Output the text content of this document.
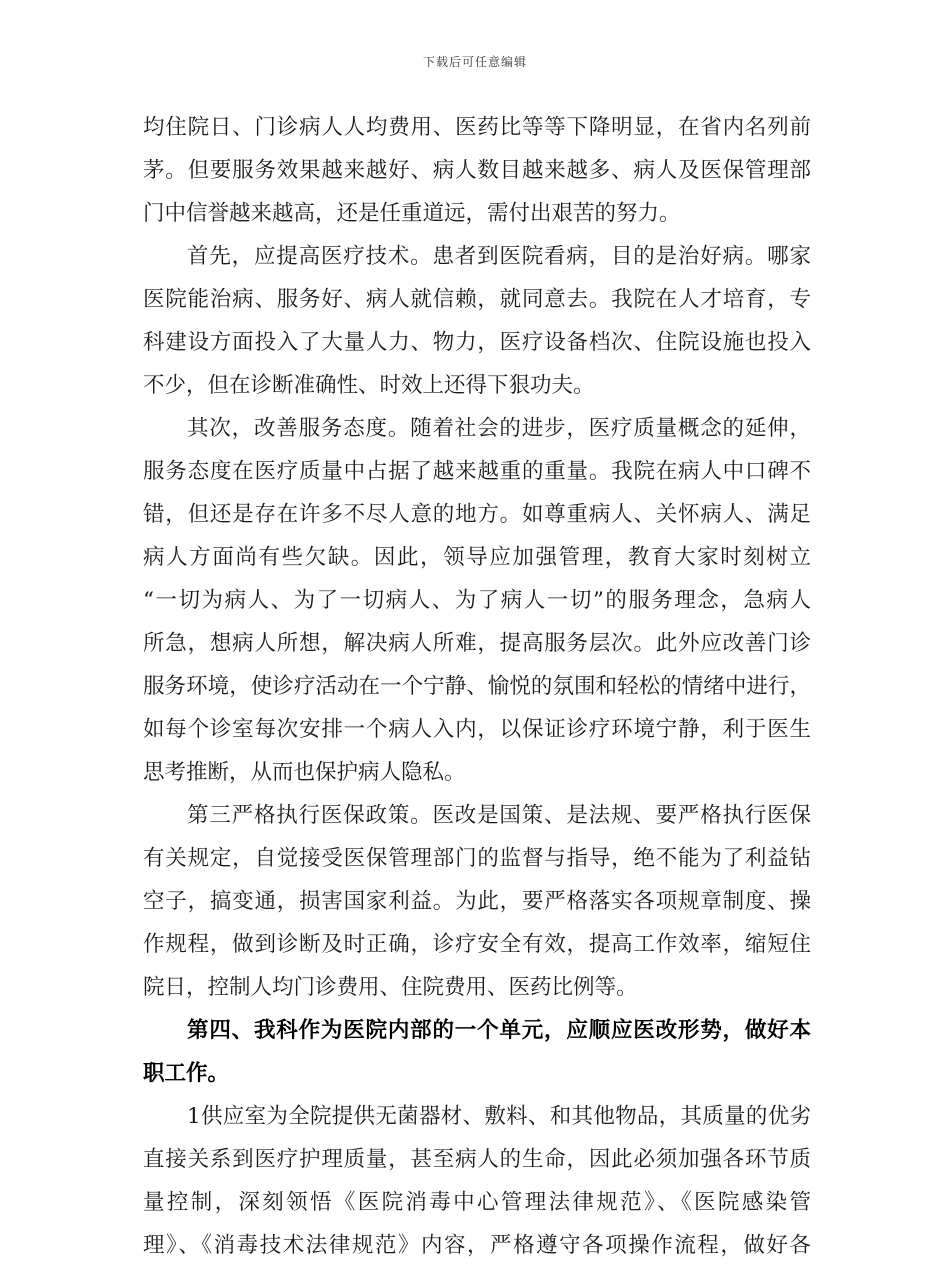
下载后可任意编辑
均住院日、门诊病人人均费用、医药比等等下降明显，在省内名列前
茅。但要服务效果越来越好、病人数目越来越多、病人及医保管理部
门中信誉越来越高，还是任重道远，需付出艰苦的努力。
首先，应提高医疗技术。患者到医院看病，目的是治好病。哪家
医院能治病、服务好、病人就信赖，就同意去。我院在人才培育，专
科建设方面投入了大量人力、物力，医疗设备档次、住院设施也投入
不少，但在诊断准确性、时效上还得下狠功夫。
其次，改善服务态度。随着社会的进步，医疗质量概念的延伸，
服务态度在医疗质量中占据了越来越重的重量。我院在病人中口碑不
错，但还是存在许多不尽人意的地方。如尊重病人、关怀病人、满足
病人方面尚有些欠缺。因此，领导应加强管理，教育大家时刻树立
“一切为病人、为了一切病人、为了病人一切”的服务理念，急病人
所急，想病人所想，解决病人所难，提高服务层次。此外应改善门诊
服务环境，使诊疗活动在一个宁静、愉悦的氛围和轻松的情绪中进行，
如每个诊室每次安排一个病人入内，以保证诊疗环境宁静，利于医生
思考推断，从而也保护病人隐私。
第三严格执行医保政策。医改是国策、是法规、要严格执行医保
有关规定，自觉接受医保管理部门的监督与指导，绝不能为了利益钻
空子，搞变通，损害国家利益。为此，要严格落实各项规章制度、操
作规程，做到诊断及时正确，诊疗安全有效，提高工作效率，缩短住
院日，控制人均门诊费用、住院费用、医药比例等。
第四、我科作为医院内部的一个单元，应顺应医改形势，做好本
职工作。
1供应室为全院提供无菌器材、敷料、和其他物品，其质量的优劣
直接关系到医疗护理质量，甚至病人的生命，因此必须加强各环节质
量控制，深刻领悟《医院消毒中心管理法律规范》、《医院感染管
理》、《消毒技术法律规范》内容，严格遵守各项操作流程，做好各
